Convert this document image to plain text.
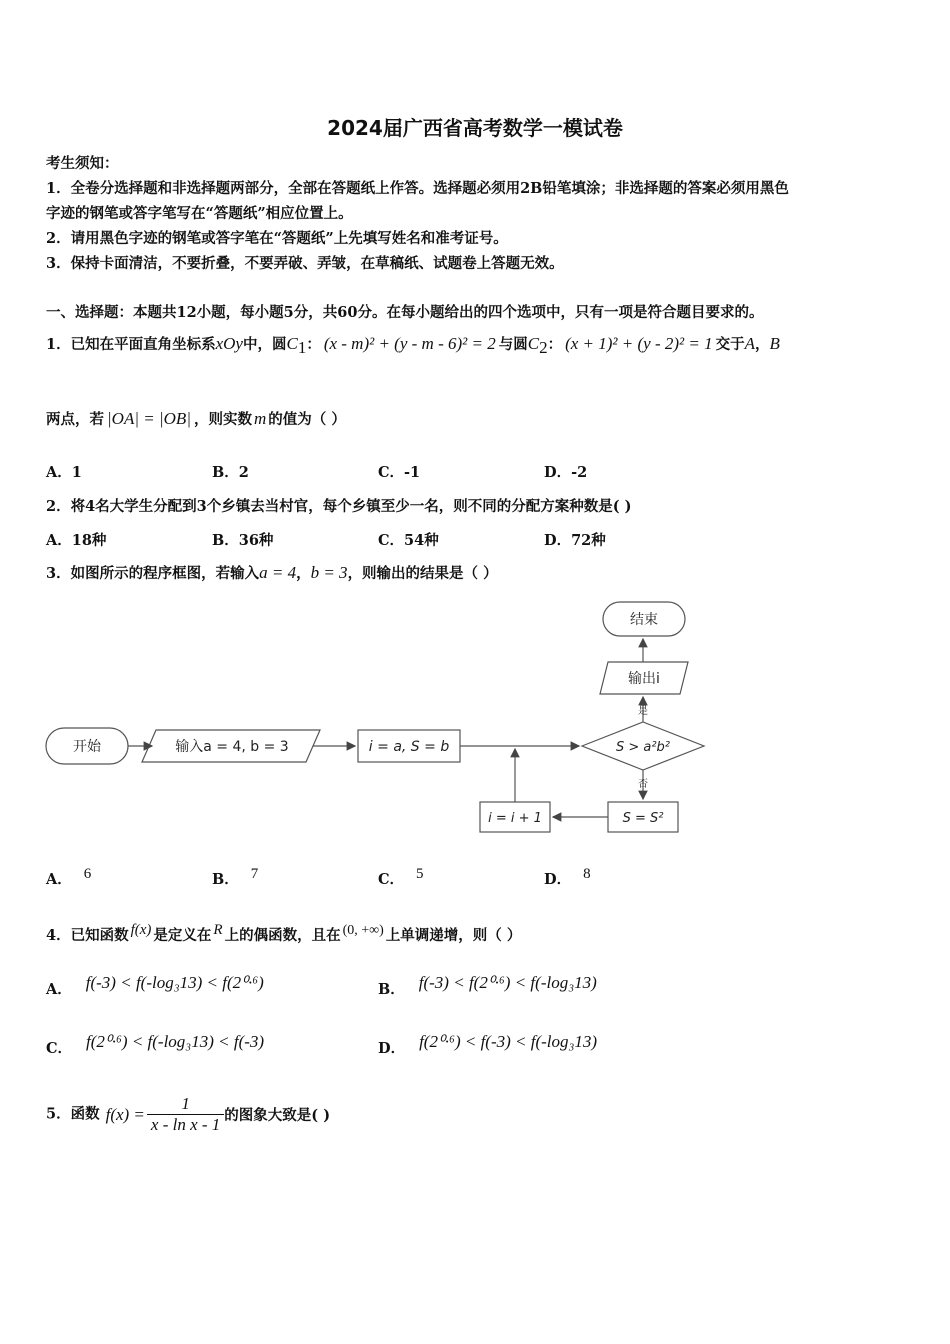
2024届广西省高考数学一模试卷
考生须知：
1．全卷分选择题和非选择题两部分，全部在答题纸上作答。选择题必须用2B铅笔填涂；非选择题的答案必须用黑色
字迹的钢笔或答字笔写在“答题纸”相应位置上。
2．请用黑色字迹的钢笔或答字笔在“答题纸”上先填写姓名和准考证号。
3．保持卡面清洁，不要折叠，不要弄破、弄皱，在草稿纸、试题卷上答题无效。
一、选择题：本题共12小题，每小题5分，共60分。在每小题给出的四个选项中，只有一项是符合题目要求的。
1．已知在平面直角坐标系xOy中，圆$C_1$： (x - m)² + (y - m - 6)² = 2 与圆$C_2$： (x + 1)² + (y - 2)² = 1 交于A，B
两点，若 |OA| = |OB| ，则实数 m 的值为（ ）
A．1	B．2	C．-1	D．-2
2．将4名大学生分配到3个乡镇去当村官，每个乡镇至少一名，则不同的分配方案种数是( )
A．18种	B．36种	C．54种	D．72种
3．如图所示的程序框图，若输入a = 4，b = 3，则输出的结果是（ ）
开始	输入a = 4, b = 3	i = a, S = b	S > a²b²
输出i
结束
S = S²
i = i + 1
是
否
A． $^6$	B． $^7$	C． $^5$	D． $^8$
4．已知函数 $^{f(x)}$ 是定义在 $^R$ 上的偶函数，且在 $^{(0, +\infty)}$ 上单调递增，则（ ）
A． f(-3) < f(-log₃13) < f(2⁰·⁶)	B． f(-3) < f(2⁰·⁶) < f(-log₃13)
C． f(2⁰·⁶) < f(-log₃13) < f(-3)	D． f(2⁰·⁶) < f(-3) < f(-log₃13)
5．函数 $f(x) = \frac{1}{\text{x - ln x - 1}}$ 的图象大致是( )
